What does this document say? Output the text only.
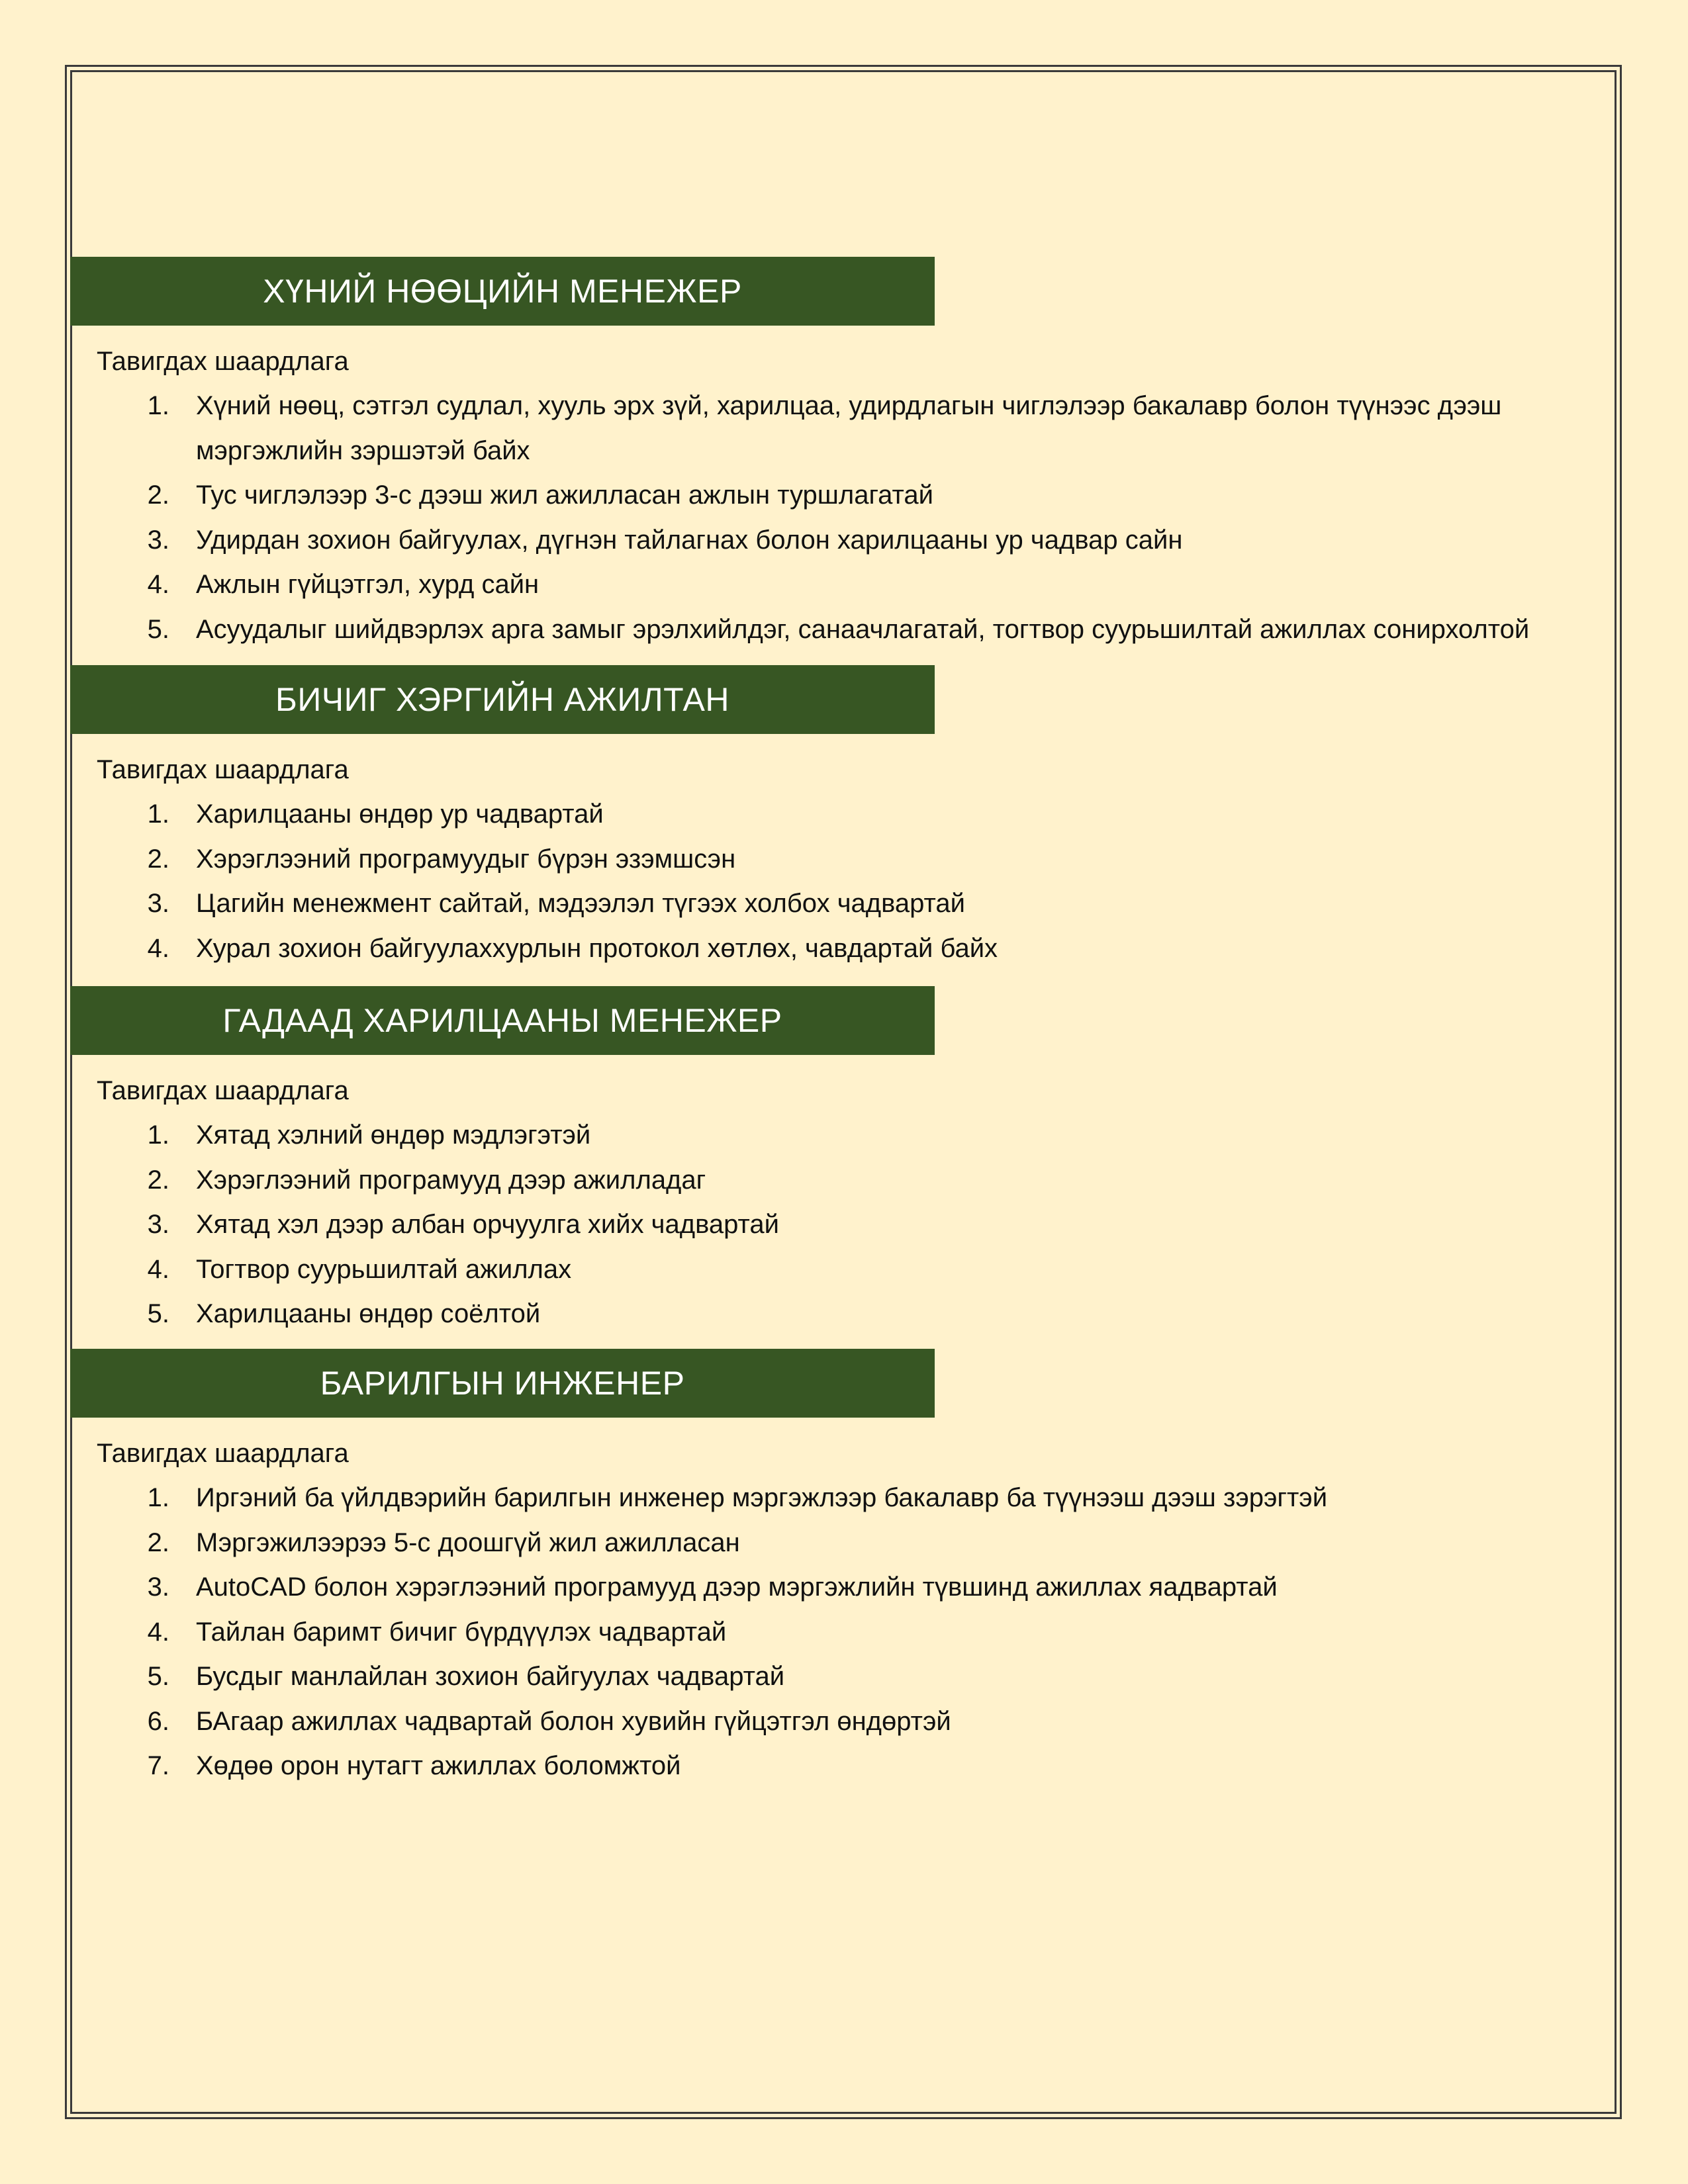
ХҮНИЙ НӨӨЦИЙН МЕНЕЖЕР
Тавигдах шаардлага
1.	Хүний нөөц, сэтгэл судлал, хууль эрх зүй, харилцаа, удирдлагын чиглэлээр бакалавр болон түүнээс дээш мэргэжлийн зэршэтэй байх
2.	Тус чиглэлээр 3-с дээш жил ажилласан ажлын туршлагатай
3.	Удирдан зохион байгуулах, дүгнэн тайлагнах болон харилцааны ур чадвар сайн
4.	Ажлын гүйцэтгэл, хурд сайн
5.	Асуудалыг шийдвэрлэх арга замыг эрэлхийлдэг, санаачлагатай, тогтвор суурьшилтай ажиллах сонирхолтой
БИЧИГ ХЭРГИЙН АЖИЛТАН
Тавигдах шаардлага
1.	Харилцааны өндөр ур чадвартай
2.	Хэрэглээний програмуудыг бүрэн эзэмшсэн
3.	Цагийн менежмент сайтай, мэдээлэл түгээх холбох чадвартай
4.	Хурал зохион байгуулаххурлын протокол хөтлөх, чавдартай байх
ГАДААД ХАРИЛЦААНЫ МЕНЕЖЕР
Тавигдах шаардлага
1.	Хятад хэлний өндөр мэдлэгэтэй
2.	Хэрэглээний програмууд дээр ажилладаг
3.	Хятад хэл дээр албан орчуулга хийх чадвартай
4.	Тогтвор суурьшилтай ажиллах
5.	Харилцааны өндөр соёлтой
БАРИЛГЫН ИНЖЕНЕР
Тавигдах шаардлага
1.	Иргэний ба үйлдвэрийн барилгын инженер мэргэжлээр бакалавр ба түүнээш дээш зэрэгтэй
2.	Мэргэжилээрээ 5-с доошгүй жил ажилласан
3.	AutoCAD болон хэрэглээний програмууд дээр мэргэжлийн түвшинд ажиллах яадвартай
4.	Тайлан баримт бичиг бүрдүүлэх чадвартай
5.	Бусдыг манлайлан зохион байгуулах чадвартай
6.	БАгаар ажиллах чадвартай болон хувийн гүйцэтгэл өндөртэй
7.	Хөдөө орон нутагт ажиллах боломжтой
